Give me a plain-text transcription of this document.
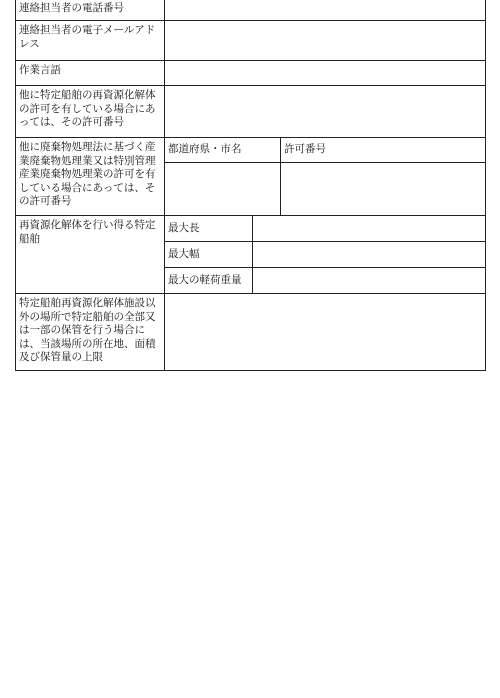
連絡担当者の電話番号			
連絡担当者の電子メールアドレス			
作業言語			
他に特定船舶の再資源化解体の許可を有している場合にあっては、その許可番号			
他に廃棄物処理法に基づく産業廃棄物処理業又は特別管理産業廃棄物処理業の許可を有している場合にあっては、その許可番号	都道府県・市名		許可番号

再資源化解体を行い得る特定船舶	最大長		
	最大幅		
	最大の軽荷重量		
特定船舶再資源化解体施設以外の場所で特定船舶の全部又は一部の保管を行う場合には、当該場所の所在地、面積及び保管量の上限			
